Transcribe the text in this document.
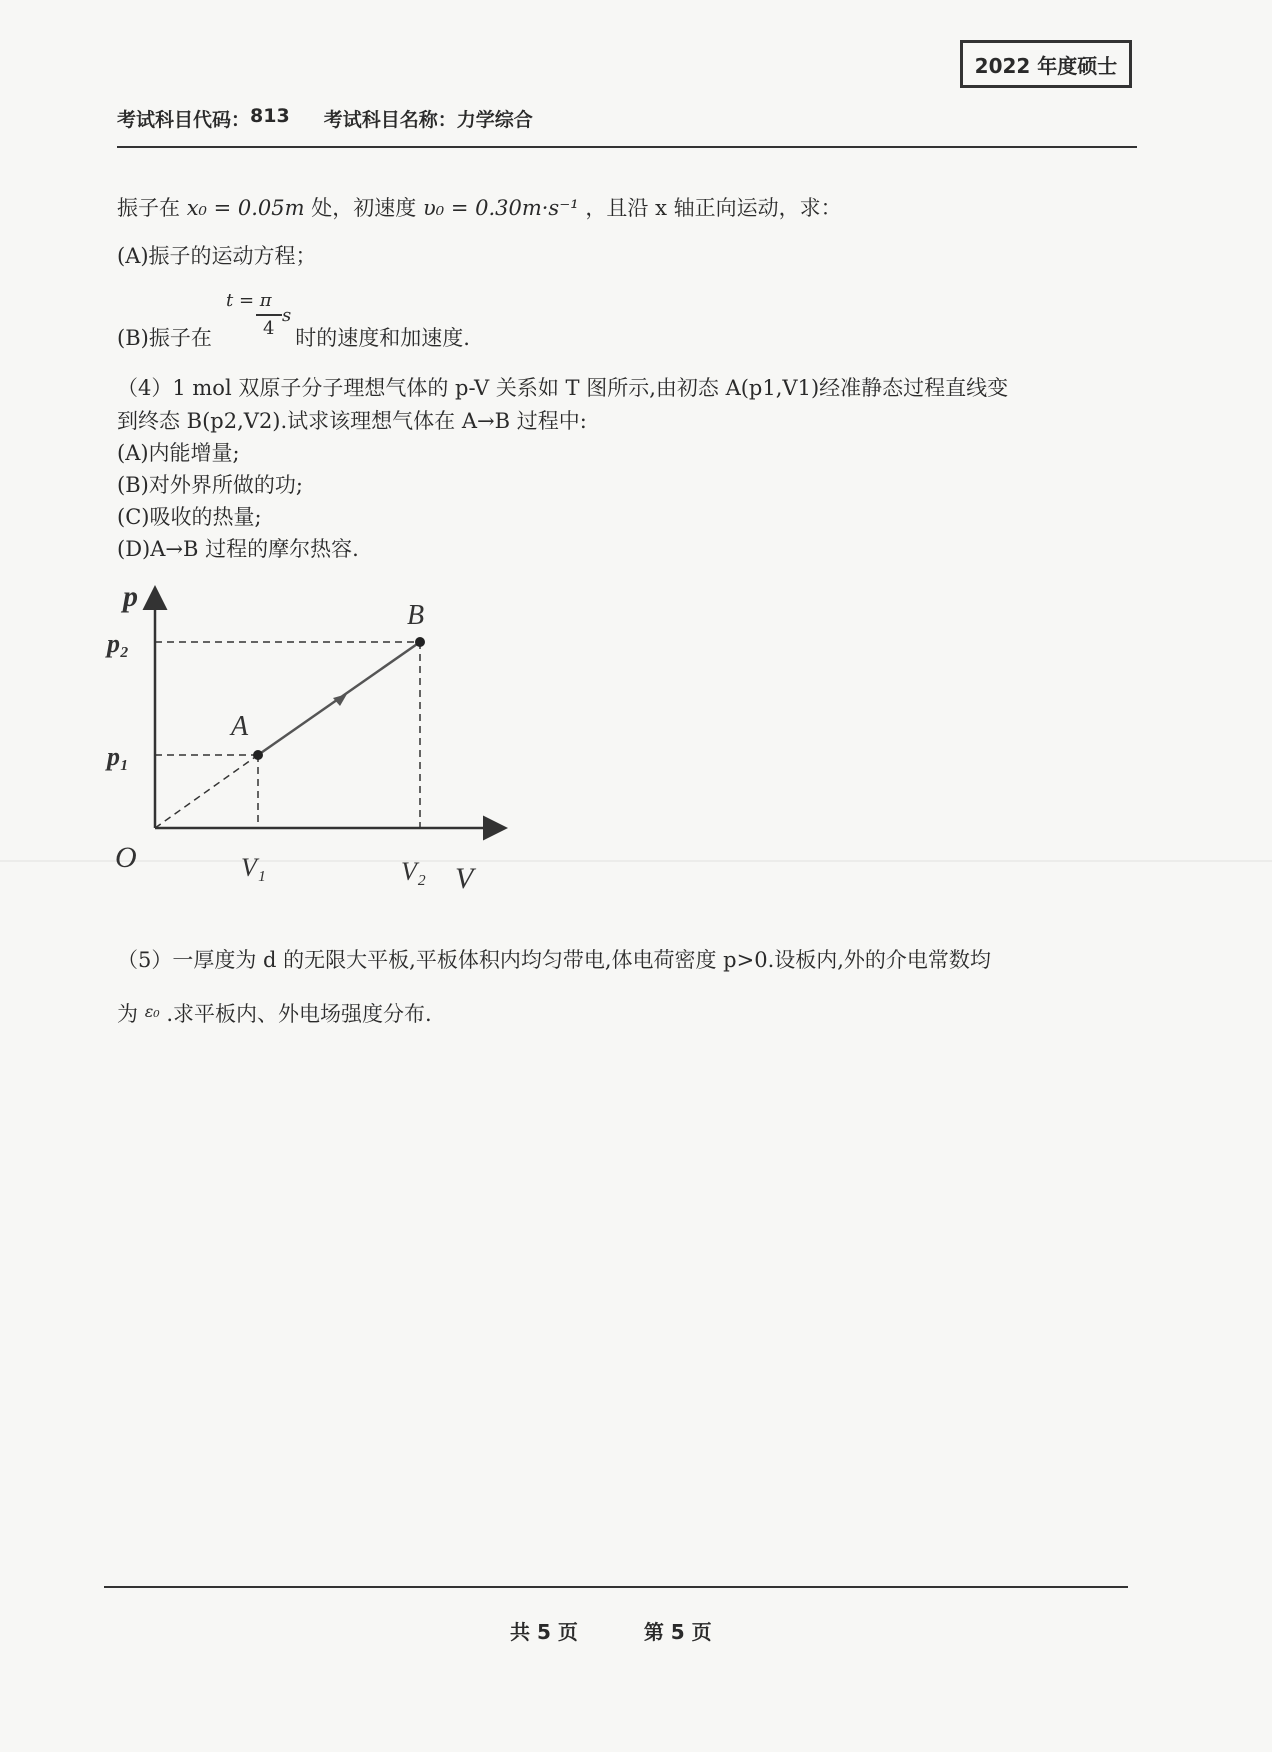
2022 年度硕士
考试科目代码： 813 考试科目名称： 力学综合
振子在 x₀ = 0.05m 处，初速度 υ₀ = 0.30m·s⁻¹ ，且沿 x 轴正向运动，求：
(A)振子的运动方程；
t = π
s
4
(B)振子在	时的速度和加速度.
（4）1 mol 双原子分子理想气体的 p-V 关系如 T 图所示,由初态 A(p1,V1)经准静态过程直线变
到终态 B(p2,V2).试求该理想气体在 A→B 过程中:
(A)内能增量;
(B)对外界所做的功;
(C)吸收的热量;
(D)A→B 过程的摩尔热容.
A
B
p
V
O
p₁
p₂
V₁	V₂
（5）一厚度为 d 的无限大平板,平板体积内均匀带电,体电荷密度 p>0.设板内,外的介电常数均
为 ε₀ .求平板内、外电场强度分布.
共 5 页	第 5 页
